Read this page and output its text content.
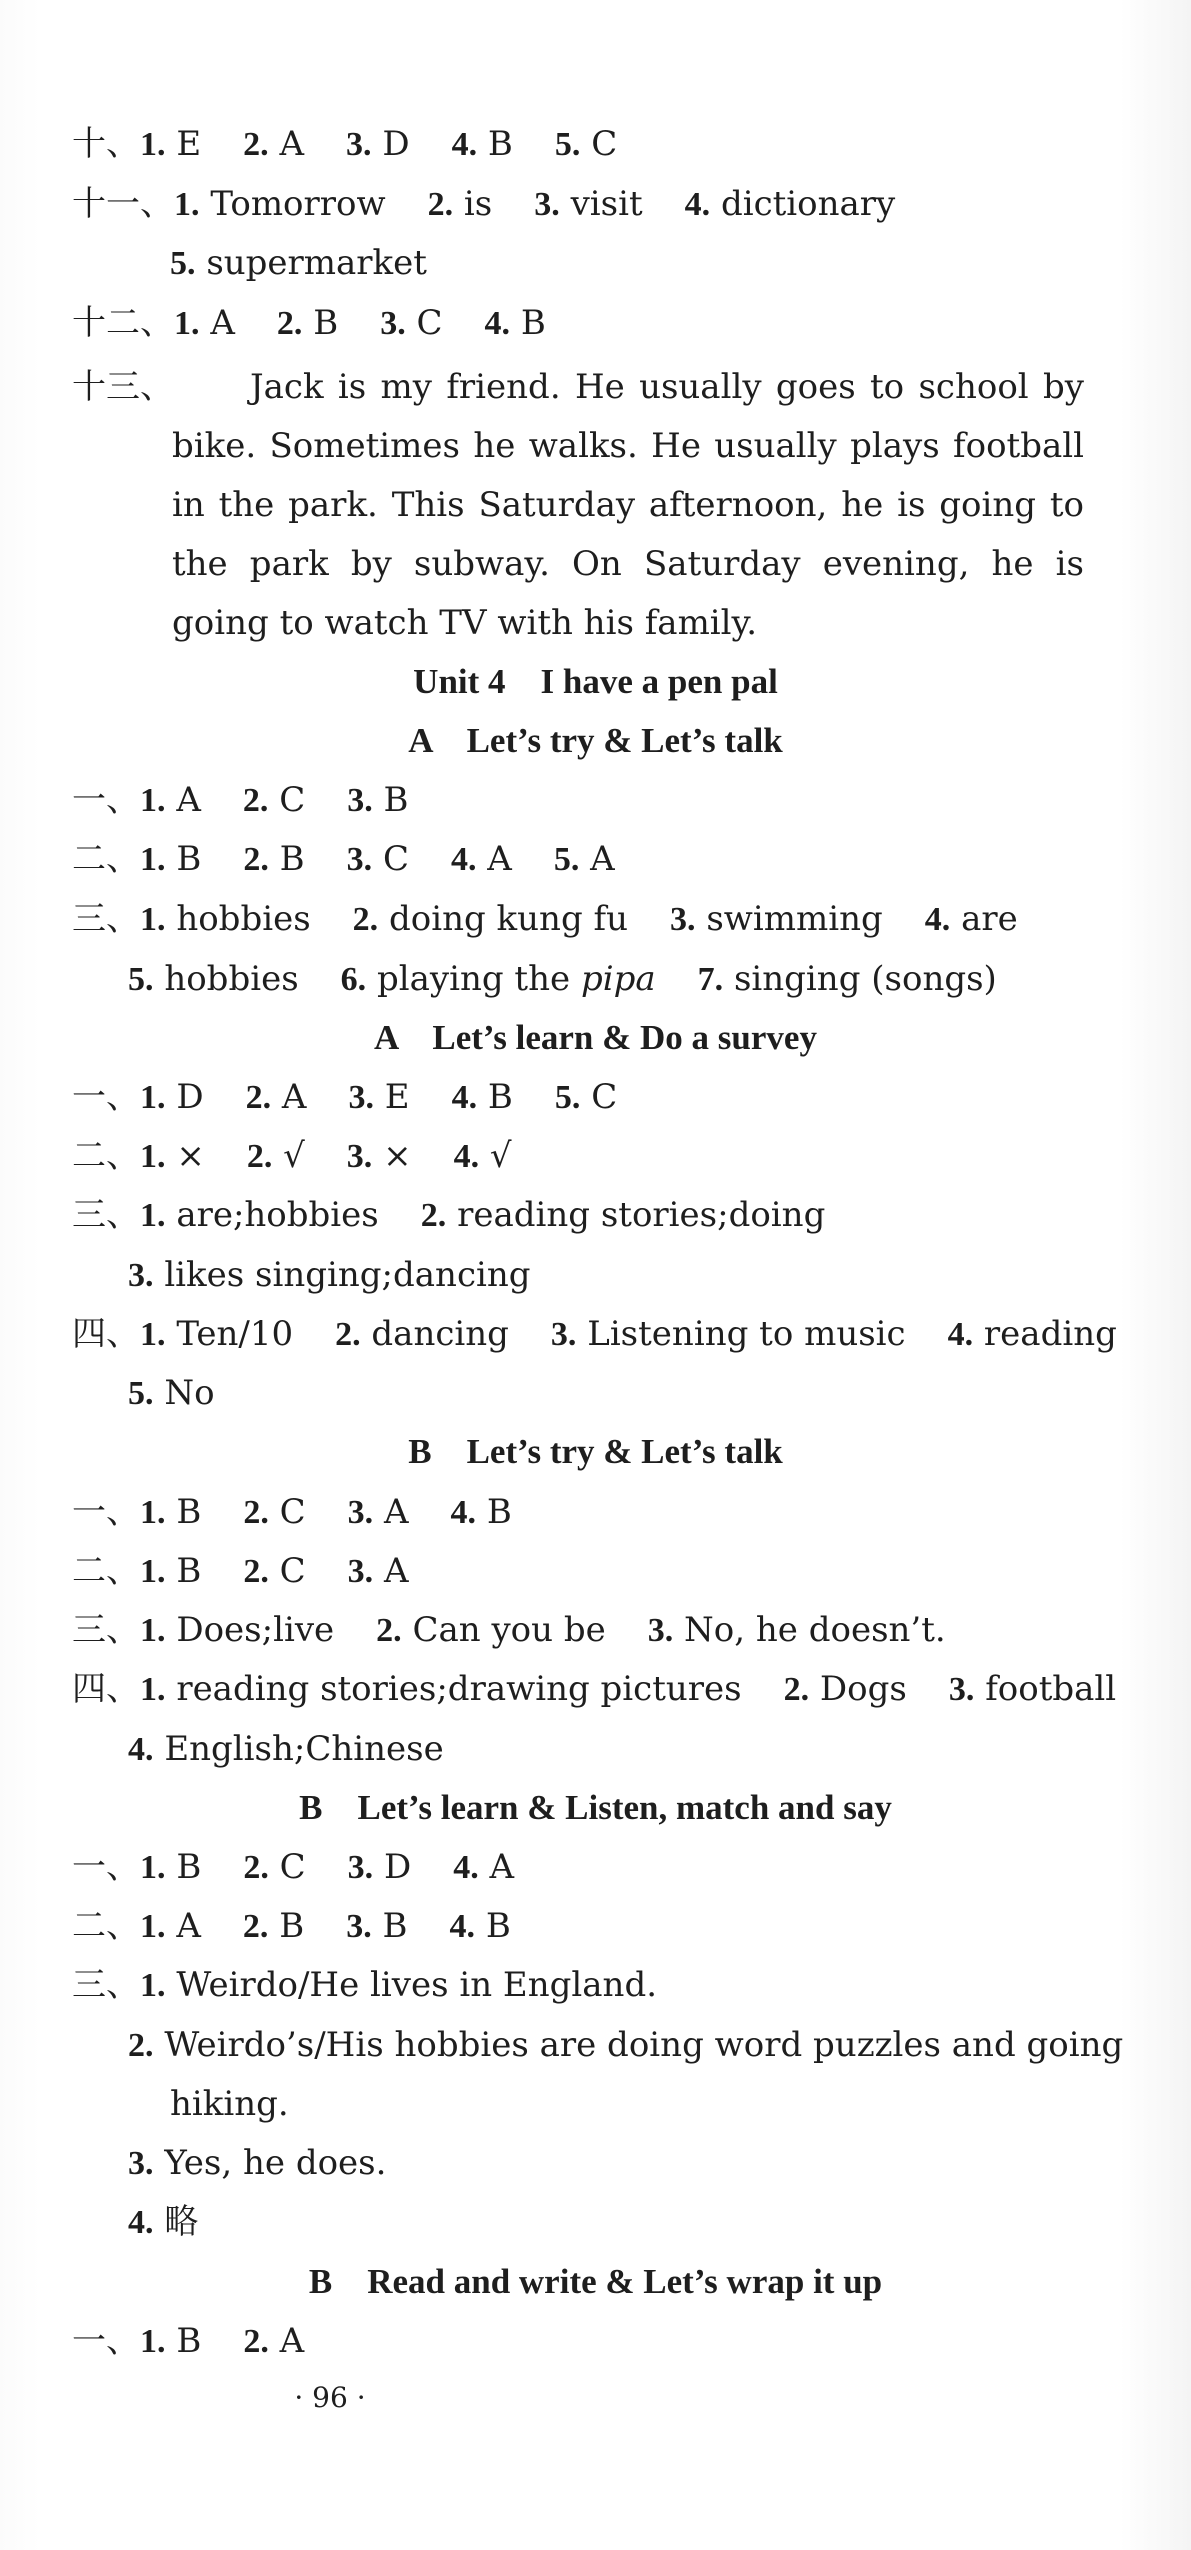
十、1. E 2. A 3. D 4. B 5. C
十一、1. Tomorrow 2. is 3. visit 4. dictionary
5. supermarket
十二、1. A 2. B 3. C 4. B
十三、	Jack is my friend. He usually goes to school by bike. Sometimes he walks. He usually plays football in the park. This Saturday afternoon, he is going to the park by subway. On Saturday evening, he is going to watch TV with his family.
Unit 4　I have a pen pal
A　Let’s try & Let’s talk
一、1. A 2. C 3. B
二、1. B 2. B 3. C 4. A 5. A
三、1. hobbies 2. doing kung fu 3. swimming 4. are
5. hobbies 6. playing the pipa 7. singing (songs)
A　Let’s learn & Do a survey
一、1. D 2. A 3. E 4. B 5. C
二、1. × 2. √ 3. × 4. √
三、1. are;hobbies 2. reading stories;doing
3. likes singing;dancing
四、1. Ten/10 2. dancing 3. Listening to music 4. reading
5. No
B　Let’s try & Let’s talk
一、1. B 2. C 3. A 4. B
二、1. B 2. C 3. A
三、1. Does;live 2. Can you be 3. No, he doesn’t.
四、1. reading stories;drawing pictures 2. Dogs 3. football
4. English;Chinese
B　Let’s learn & Listen, match and say
一、1. B 2. C 3. D 4. A
二、1. A 2. B 3. B 4. B
三、1. Weirdo/He lives in England.
2. Weirdo’s/His hobbies are doing word puzzles and going
hiking.
3. Yes, he does.
4. 略
B　Read and write & Let’s wrap it up
一、1. B 2. A
· 96 ·
